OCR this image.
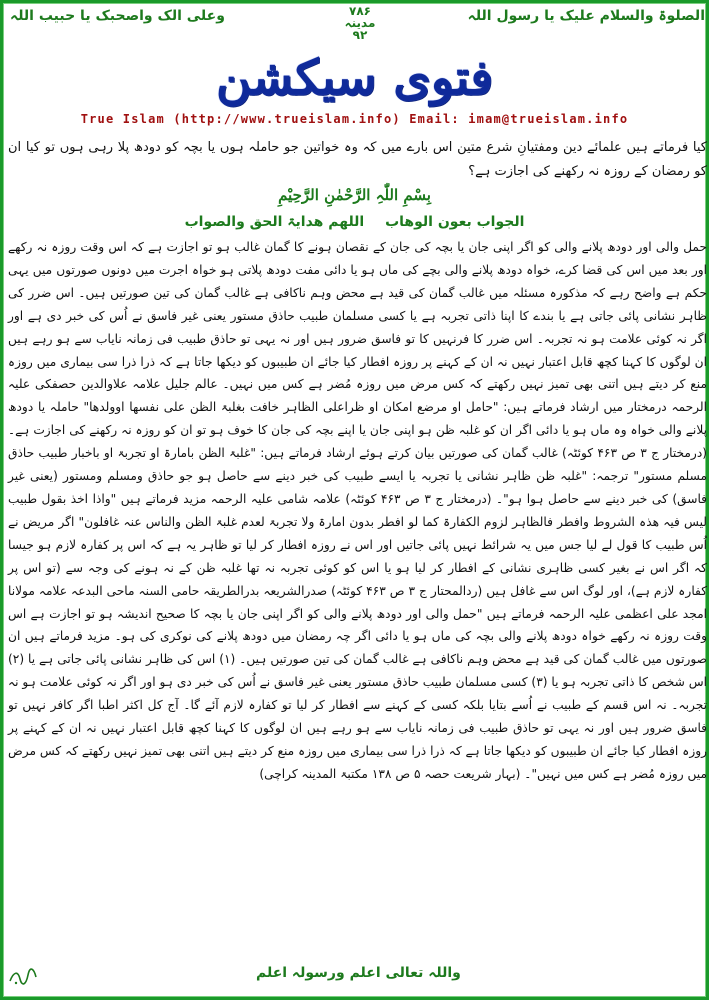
الصلوۃ والسلام علیک یا رسول اللہ
۷۸۶
مدینہ
۹۲
وعلی الک واصحبک یا حبیب اللہ
فتوی سیکشن
True Islam (http://www.trueislam.info) Email: imam@trueislam.info
کیا فرماتے ہیں علمائے دین ومفتیانِ شرع متین اس بارے میں کہ وہ خواتین جو حاملہ ہوں یا بچہ کو دودھ پلا رہی ہوں تو کیا ان کو رمضان کے روزہ نہ رکھنے کی اجازت ہے؟
بِسْمِ اللّٰہِ الرَّحْمٰنِ الرَّحِیْمِ
الجواب بعون الوھاب اللھم ھدایۃ الحق والصواب

حمل والی اور دودھ پلانے والی کو اگر اپنی جان یا بچہ کی جان کے نقصان ہونے کا گمان غالب ہو تو اجازت ہے کہ اس وقت روزہ نہ رکھے اور بعد میں اس کی قضا کرے، خواہ دودھ پلانے والی بچے کی ماں ہو یا دائی مفت دودھ پلاتی ہو خواہ اجرت میں دونوں صورتوں میں یہی حکم ہے واضح رہے کہ مذکورہ مسئلہ میں غالب گمان کی قید ہے محض وہم ناکافی ہے غالب گمان کی تین صورتیں ہیں۔ اس ضرر کی ظاہر نشانی پائی جاتی ہے یا بندے کا اپنا ذاتی تجربہ ہے یا کسی مسلمان طبیب حاذق مستور یعنی غیر فاسق نے اُس کی خبر دی ہے اور اگر نہ کوئی علامت ہو نہ تجربہ۔ اس ضرر کا فرنہیں کا تو فاسق ضرور ہیں اور نہ یہی تو حاذق طبیب فی زمانہ نایاب سے ہو رہے ہیں ان لوگوں کا کہنا کچھ قابل اعتبار نہیں نہ ان کے کہنے پر روزہ افطار کیا جائے ان طبیبوں کو دیکھا جاتا ہے کہ ذرا ذرا سی بیماری میں روزہ منع کر دیتے ہیں اتنی بھی تمیز نہیں رکھتے کہ کس مرض میں روزہ مُضر ہے کس میں نہیں۔ عالم جلیل علامہ علاوالدین حصفکی علیہ الرحمہ درمختار میں ارشاد فرماتے ہیں: "حامل او مرضع امکان او ظراعلی الظاہر خافت بغلبۃ الظن علی نفسھا اوولدھا" حاملہ یا دودھ پلانے والی خواہ وہ ماں ہو یا دائی اگر ان کو غلبہ ظن ہو اپنی جان یا اپنے بچہ کی جان کا خوف ہو تو ان کو روزہ نہ رکھنے کی اجازت ہے۔ (درمختار ج ۳ ص ۴۶۳ کوئٹہ) غالب گمان کی صورتیں بیان کرتے ہوئے ارشاد فرماتے ہیں: "غلبۃ الظن بامارۃ او تجربۃ او باخبار طبیب حاذق مسلم مستور" ترجمہ: "غلبہ ظن ظاہر نشانی یا تجربہ یا ایسے طبیب کی خبر دینے سے حاصل ہو جو حاذق ومسلم ومستور (یعنی غیر فاسق) کی خبر دینے سے حاصل ہوا ہو"۔ (درمختار ج ۳ ص ۴۶۳ کوئٹہ) علامہ شامی علیہ الرحمہ مزید فرماتے ہیں "واذا اخذ بقول طبیب لیس فیہ ھذہ الشروط وافطر فالظاہر لزوم الکفارۃ کما لو افطر بدون امارۃ ولا تجربۃ لعدم غلبۃ الظن والناس عنہ غافلون" اگر مریض نے اُس طبیب کا قول لے لیا جس میں یہ شرائط نہیں پائی جاتیں اور اس نے روزہ افطار کر لیا تو ظاہر یہ ہے کہ اس پر کفارہ لازم ہو جیسا کہ اگر اس نے بغیر کسی ظاہری نشانی کے افطار کر لیا ہو یا اس کو کوئی تجربہ نہ تھا غلبہ ظن کے نہ ہونے کی وجہ سے (تو اس پر کفارہ لازم ہے)، اور لوگ اس سے غافل ہیں (ردالمحتار ج ۳ ص ۴۶۳ کوئٹہ) صدرالشریعہ بدرالطریقہ حامی السنہ ماحی البدعہ علامہ مولانا امجد علی اعظمی علیہ الرحمہ فرماتے ہیں "حمل والی اور دودھ پلانے والی کو اگر اپنی جان یا بچہ کا صحیح اندیشہ ہو تو اجازت ہے اس وقت روزہ نہ رکھے خواہ دودھ پلانے والی بچہ کی ماں ہو یا دائی اگر چہ رمضان میں دودھ پلانے کی نوکری کی ہو۔ مزید فرماتے ہیں ان صورتوں میں غالب گمان کی قید ہے محض وہم ناکافی ہے غالب گمان کی تین صورتیں ہیں۔ (۱) اس کی ظاہر نشانی پائی جاتی ہے یا (۲) اس شخص کا ذاتی تجربہ ہو یا (۳) کسی مسلمان طبیب حاذق مستور یعنی غیر فاسق نے اُس کی خبر دی ہو اور اگر نہ کوئی علامت ہو نہ تجربہ۔ نہ اس قسم کے طبیب نے اُسے بتایا بلکہ کسی کے کہنے سے افطار کر لیا تو کفارہ لازم آئے گا۔ آج کل اکثر اطبا اگر کافر نہیں تو فاسق ضرور ہیں اور نہ یہی تو حاذق طبیب فی زمانہ نایاب سے ہو رہے ہیں ان لوگوں کا کہنا کچھ قابل اعتبار نہیں نہ ان کے کہنے پر روزہ افطار کیا جائے ان طبیبوں کو دیکھا جاتا ہے کہ ذرا ذرا سی بیماری میں روزہ منع کر دیتے ہیں اتنی بھی تمیز نہیں رکھتے کہ کس مرض میں روزہ مُضر ہے کس میں نہیں"۔ (بہار شریعت حصہ ۵ ص ۱۳۸ مکتبۃ المدینہ کراچی)

واللہ تعالی اعلم ورسولہ اعلم
